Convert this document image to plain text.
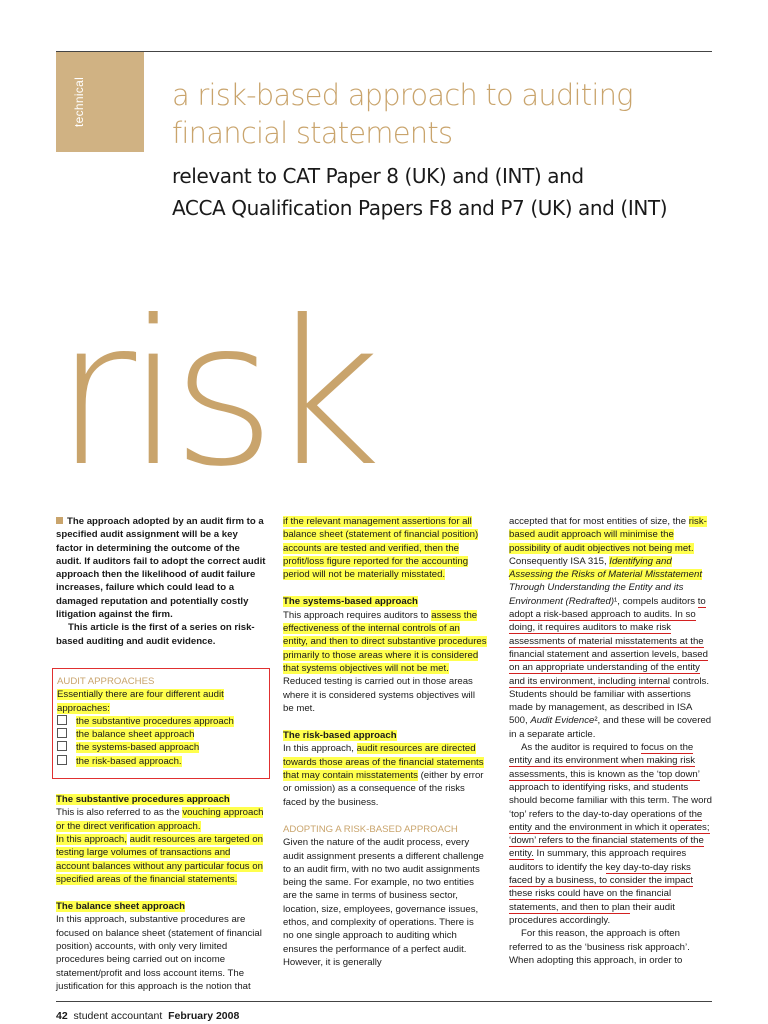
technical	a risk-based approach to auditing
financial statements
relevant to CAT Paper 8 (UK) and (INT) and
ACCA Qualification Papers F8 and P7 (UK) and (INT)
risk

The approach adopted by an audit firm to a specified audit assignment will be a key factor in determining the outcome of the audit. If auditors fail to adopt the correct audit approach then the likelihood of audit failure increases, failure which could lead to a damaged reputation and potentially costly litigation against the firm.

This article is the first of a series on risk-based auditing and audit evidence.

AUDIT APPROACHES

Essentially there are four different audit approaches:

the substantive procedures approach

the balance sheet approach

the systems-based approach

the risk-based approach.

The substantive procedures approach

This is also referred to as the vouching approach or the direct verification approach.

In this approach, audit resources are targeted on testing large volumes of transactions and account balances without any particular focus on specified areas of the financial statements.

The balance sheet approach

In this approach, substantive procedures are focused on balance sheet (statement of financial position) accounts, with only very limited procedures being carried out on income statement/profit and loss account items. The justification for this approach is the notion that

if the relevant management assertions for all balance sheet (statement of financial position) accounts are tested and verified, then the profit/loss figure reported for the accounting period will not be materially misstated.

The systems-based approach

This approach requires auditors to assess the effectiveness of the internal controls of an entity, and then to direct substantive procedures primarily to those areas where it is considered that systems objectives will not be met. Reduced testing is carried out in those areas where it is considered systems objectives will be met.

The risk-based approach

In this approach, audit resources are directed towards those areas of the financial statements that may contain misstatements (either by error or omission) as a consequence of the risks faced by the business.

ADOPTING A RISK-BASED APPROACH

Given the nature of the audit process, every audit assignment presents a different challenge to an audit firm, with no two audit assignments being the same. For example, no two entities are the same in terms of business sector, location, size, employees, governance issues, ethos, and complexity of operations. There is no one single approach to auditing which ensures the performance of a perfect audit. However, it is generally

accepted that for most entities of size, the risk-based audit approach will minimise the possibility of audit objectives not being met. Consequently ISA 315, Identifying and Assessing the Risks of Material Misstatement Through Understanding the Entity and its Environment (Redrafted)¹, compels auditors to adopt a risk-based approach to audits. In so doing, it requires auditors to make risk assessments of material misstatements at the financial statement and assertion levels, based on an appropriate understanding of the entity and its environment, including internal controls. Students should be familiar with assertions made by management, as described in ISA 500, Audit Evidence², and these will be covered in a separate article.

As the auditor is required to focus on the entity and its environment when making risk assessments, this is known as the ‘top down’ approach to identifying risks, and students should become familiar with this term. The word ‘top’ refers to the day-to-day operations of the entity and the environment in which it operates; ‘down’ refers to the financial statements of the entity. In summary, this approach requires auditors to identify the key day-to-day risks faced by a business, to consider the impact these risks could have on the financial statements, and then to plan their audit procedures accordingly.

For this reason, the approach is often referred to as the ‘business risk approach’. When adopting this approach, in order to

42 student accountant February 2008
